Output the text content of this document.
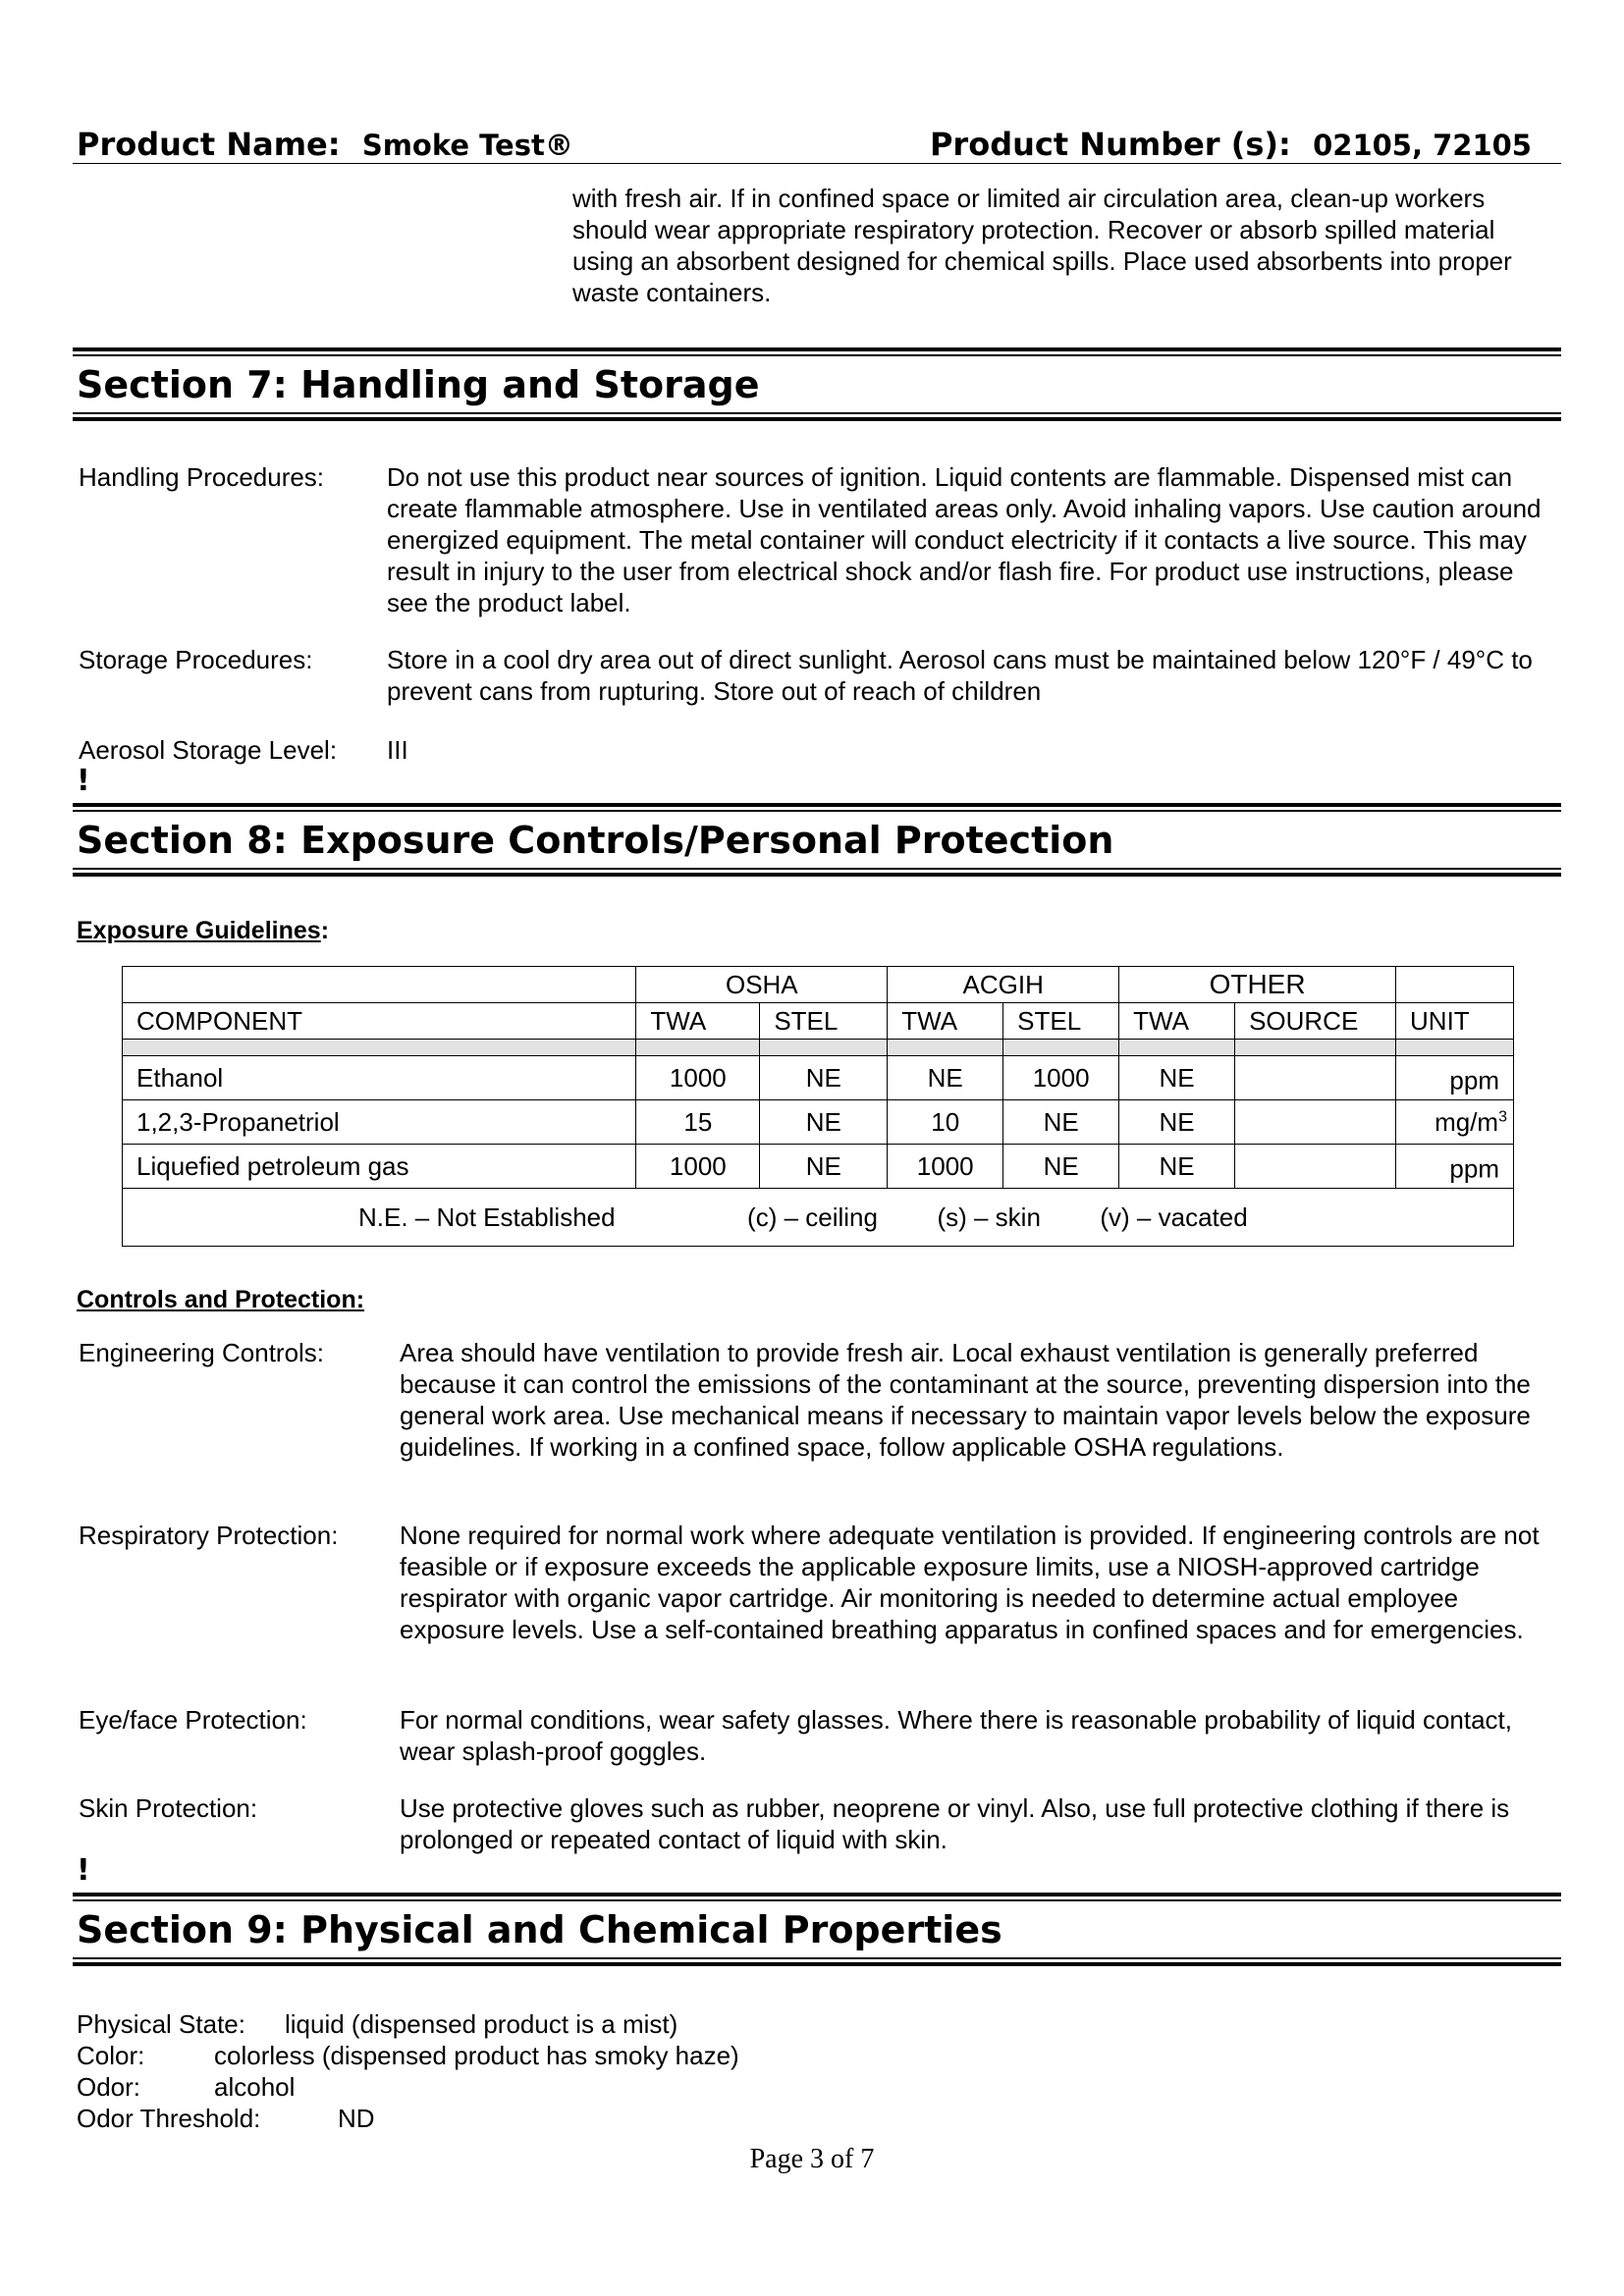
Product Name: Smoke Test®	Product Number (s): 02105, 72105
with fresh air. If in confined space or limited air circulation area, clean-up workers should wear appropriate respiratory protection. Recover or absorb spilled material using an absorbent designed for chemical spills. Place used absorbents into proper waste containers.
Section 7: Handling and Storage
Handling Procedures: Do not use this product near sources of ignition. Liquid contents are flammable. Dispensed mist can create flammable atmosphere. Use in ventilated areas only. Avoid inhaling vapors. Use caution around energized equipment. The metal container will conduct electricity if it contacts a live source. This may result in injury to the user from electrical shock and/or flash fire. For product use instructions, please see the product label.
Storage Procedures:	Store in a cool dry area out of direct sunlight. Aerosol cans must be maintained below 120°F / 49°C to prevent cans from rupturing. Store out of reach of children
Aerosol Storage Level: III
!
Section 8: Exposure Controls/Personal Protection
Exposure Guidelines:
	OSHA		ACGIH		OTHER		
COMPONENT	TWA	STEL	TWA	STEL	TWA	SOURCE	UNIT

Ethanol	1000	NE	NE	1000	NE		ppm
1,2,3-Propanetriol	15	NE	10	NE	NE		$mg/m^3$
Liquefied petroleum gas	1000	NE	1000	NE	NE		ppm
N.E. – Not Established (c) – ceiling (s) – skin (v) – vacated							
Controls and Protection:
Engineering Controls:	Area should have ventilation to provide fresh air. Local exhaust ventilation is generally preferred because it can control the emissions of the contaminant at the source, preventing dispersion into the general work area. Use mechanical means if necessary to maintain vapor levels below the exposure guidelines. If working in a confined space, follow applicable OSHA regulations.
Respiratory Protection: None required for normal work where adequate ventilation is provided. If engineering controls are not feasible or if exposure exceeds the applicable exposure limits, use a NIOSH-approved cartridge respirator with organic vapor cartridge. Air monitoring is needed to determine actual employee exposure levels. Use a self-contained breathing apparatus in confined spaces and for emergencies.
Eye/face Protection:	For normal conditions, wear safety glasses. Where there is reasonable probability of liquid contact, wear splash-proof goggles.
Skin Protection:	Use protective gloves such as rubber, neoprene or vinyl. Also, use full protective clothing if there is prolonged or repeated contact of liquid with skin.
!
Section 9: Physical and Chemical Properties
Physical State: liquid (dispensed product is a mist)
Color:	colorless (dispensed product has smoky haze)
Odor:	alcohol
Odor Threshold:	ND
Page 3 of 7
